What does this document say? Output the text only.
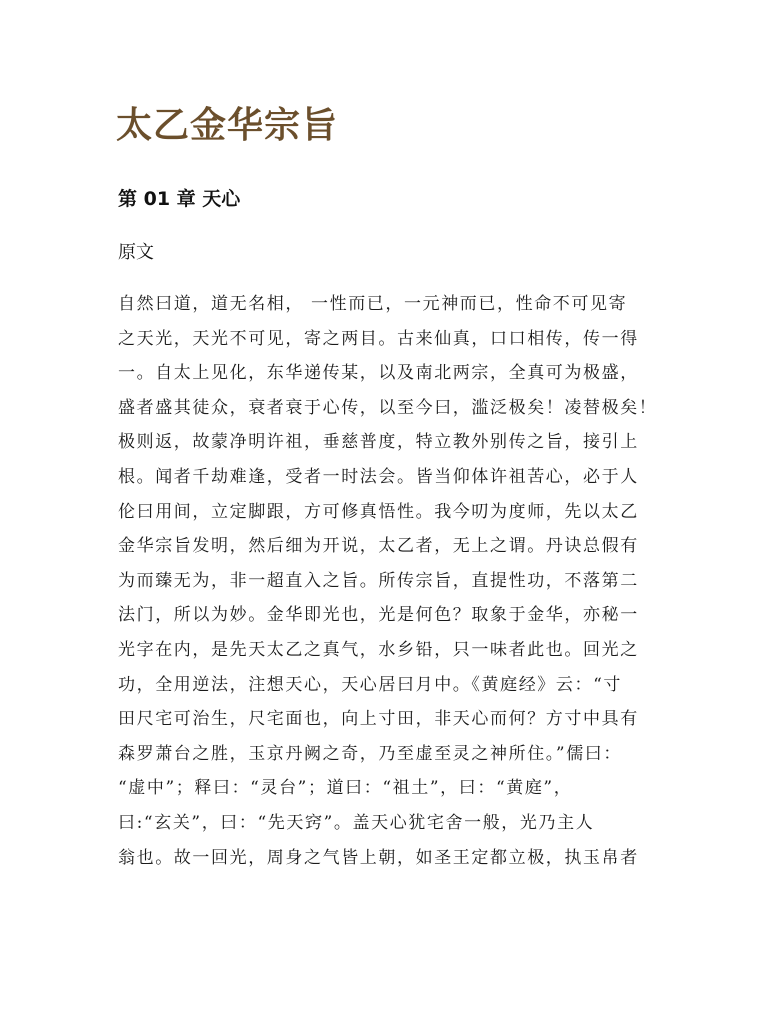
太乙金华宗旨
第 01 章 天心
原文
自然曰道，道无名相， 一性而已，一元神而已，性命不可见寄
之天光，天光不可见，寄之两目。古来仙真，口口相传，传一得
一。自太上见化，东华递传某，以及南北两宗，全真可为极盛，
盛者盛其徒众，衰者衰于心传，以至今曰，滥泛极矣！凌替极矣！
极则返，故蒙净明许祖，垂慈普度，特立教外别传之旨，接引上
根。闻者千劫难逢，受者一时法会。皆当仰体许祖苦心，必于人
伦曰用间，立定脚跟，方可修真悟性。我今叨为度师，先以太乙
金华宗旨发明，然后细为开说，太乙者，无上之谓。丹诀总假有
为而臻无为，非一超直入之旨。所传宗旨，直提性功，不落第二
法门，所以为妙。金华即光也，光是何色？取象于金华，亦秘一
光字在内，是先天太乙之真气，水乡铅，只一味者此也。回光之
功，全用逆法，注想天心，天心居曰月中。《黄庭经》云：“寸
田尺宅可治生，尺宅面也，向上寸田，非天心而何？方寸中具有
森罗萧台之胜，玉京丹阙之奇，乃至虚至灵之神所住。”儒曰：
“虚中”；释曰：“灵台”；道曰：“祖土”，曰：“黄庭”，
曰:“玄关”，曰：“先天窍”。盖天心犹宅舍一般，光乃主人
翁也。故一回光，周身之气皆上朝，如圣王定都立极，执玉帛者
